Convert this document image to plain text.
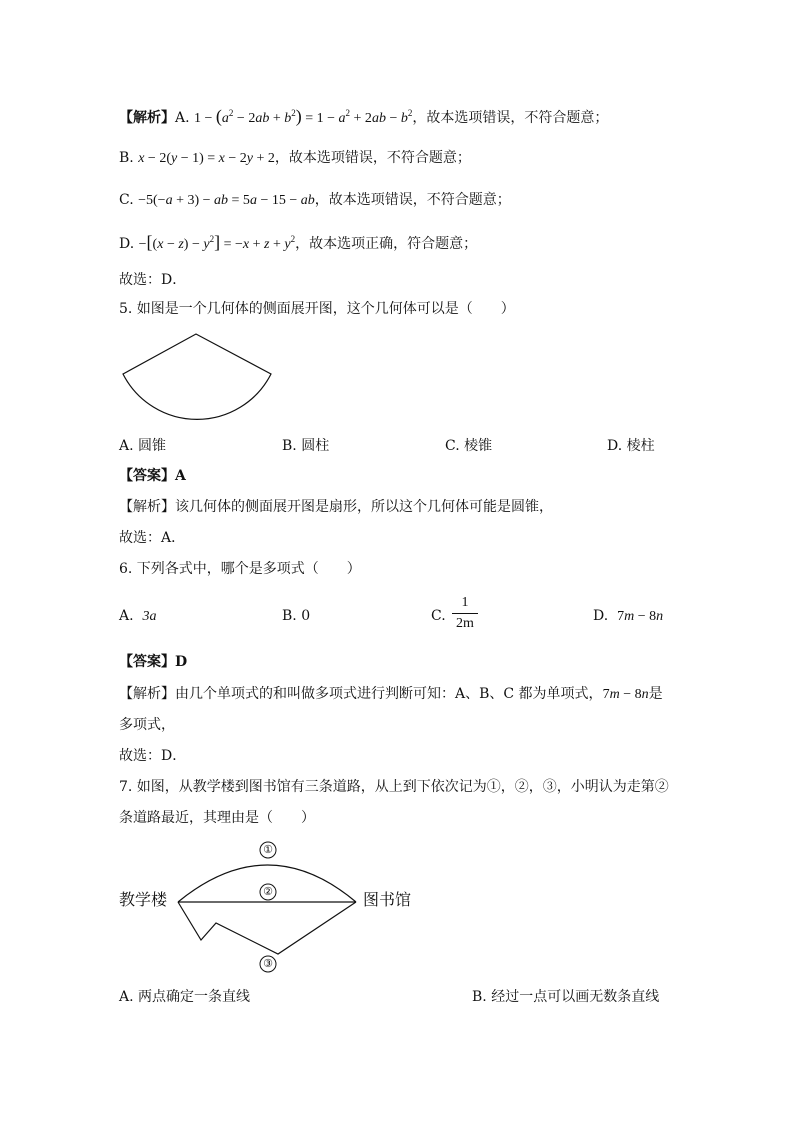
【解析】A. $1 - (a^2 - 2ab + b^2) = 1 - a^2 + 2ab - b^2$，故本选项错误，不符合题意；
B. x − 2(y − 1) = x − 2y + 2，故本选项错误，不符合题意；
C. −5(−a + 3) − ab = 5a − 15 − ab，故本选项错误，不符合题意；
D. $-[(x - z) - y^2] = -x + z + y^2$，故本选项正确，符合题意；
故选：D．
5. 如图是一个几何体的侧面展开图，这个几何体可以是（　　）
A. 圆锥	B. 圆柱	C. 棱锥	D. 棱柱
【答案】A
【解析】该几何体的侧面展开图是扇形，所以这个几何体可能是圆锥，
故选：A．
6. 下列各式中，哪个是多项式（　　）
A. 3a	B. 0	C.
1
2m	D. 7m − 8n
【答案】D
【解析】由几个单项式的和叫做多项式进行判断可知：A、B、C 都为单项式，7m − 8n是
多项式，
故选：D．
7. 如图，从教学楼到图书馆有三条道路，从上到下依次记为①，②，③，小明认为走第②
条道路最近，其理由是（　　）
①
②
③
教学楼	图书馆
A. 两点确定一条直线	B. 经过一点可以画无数条直线
